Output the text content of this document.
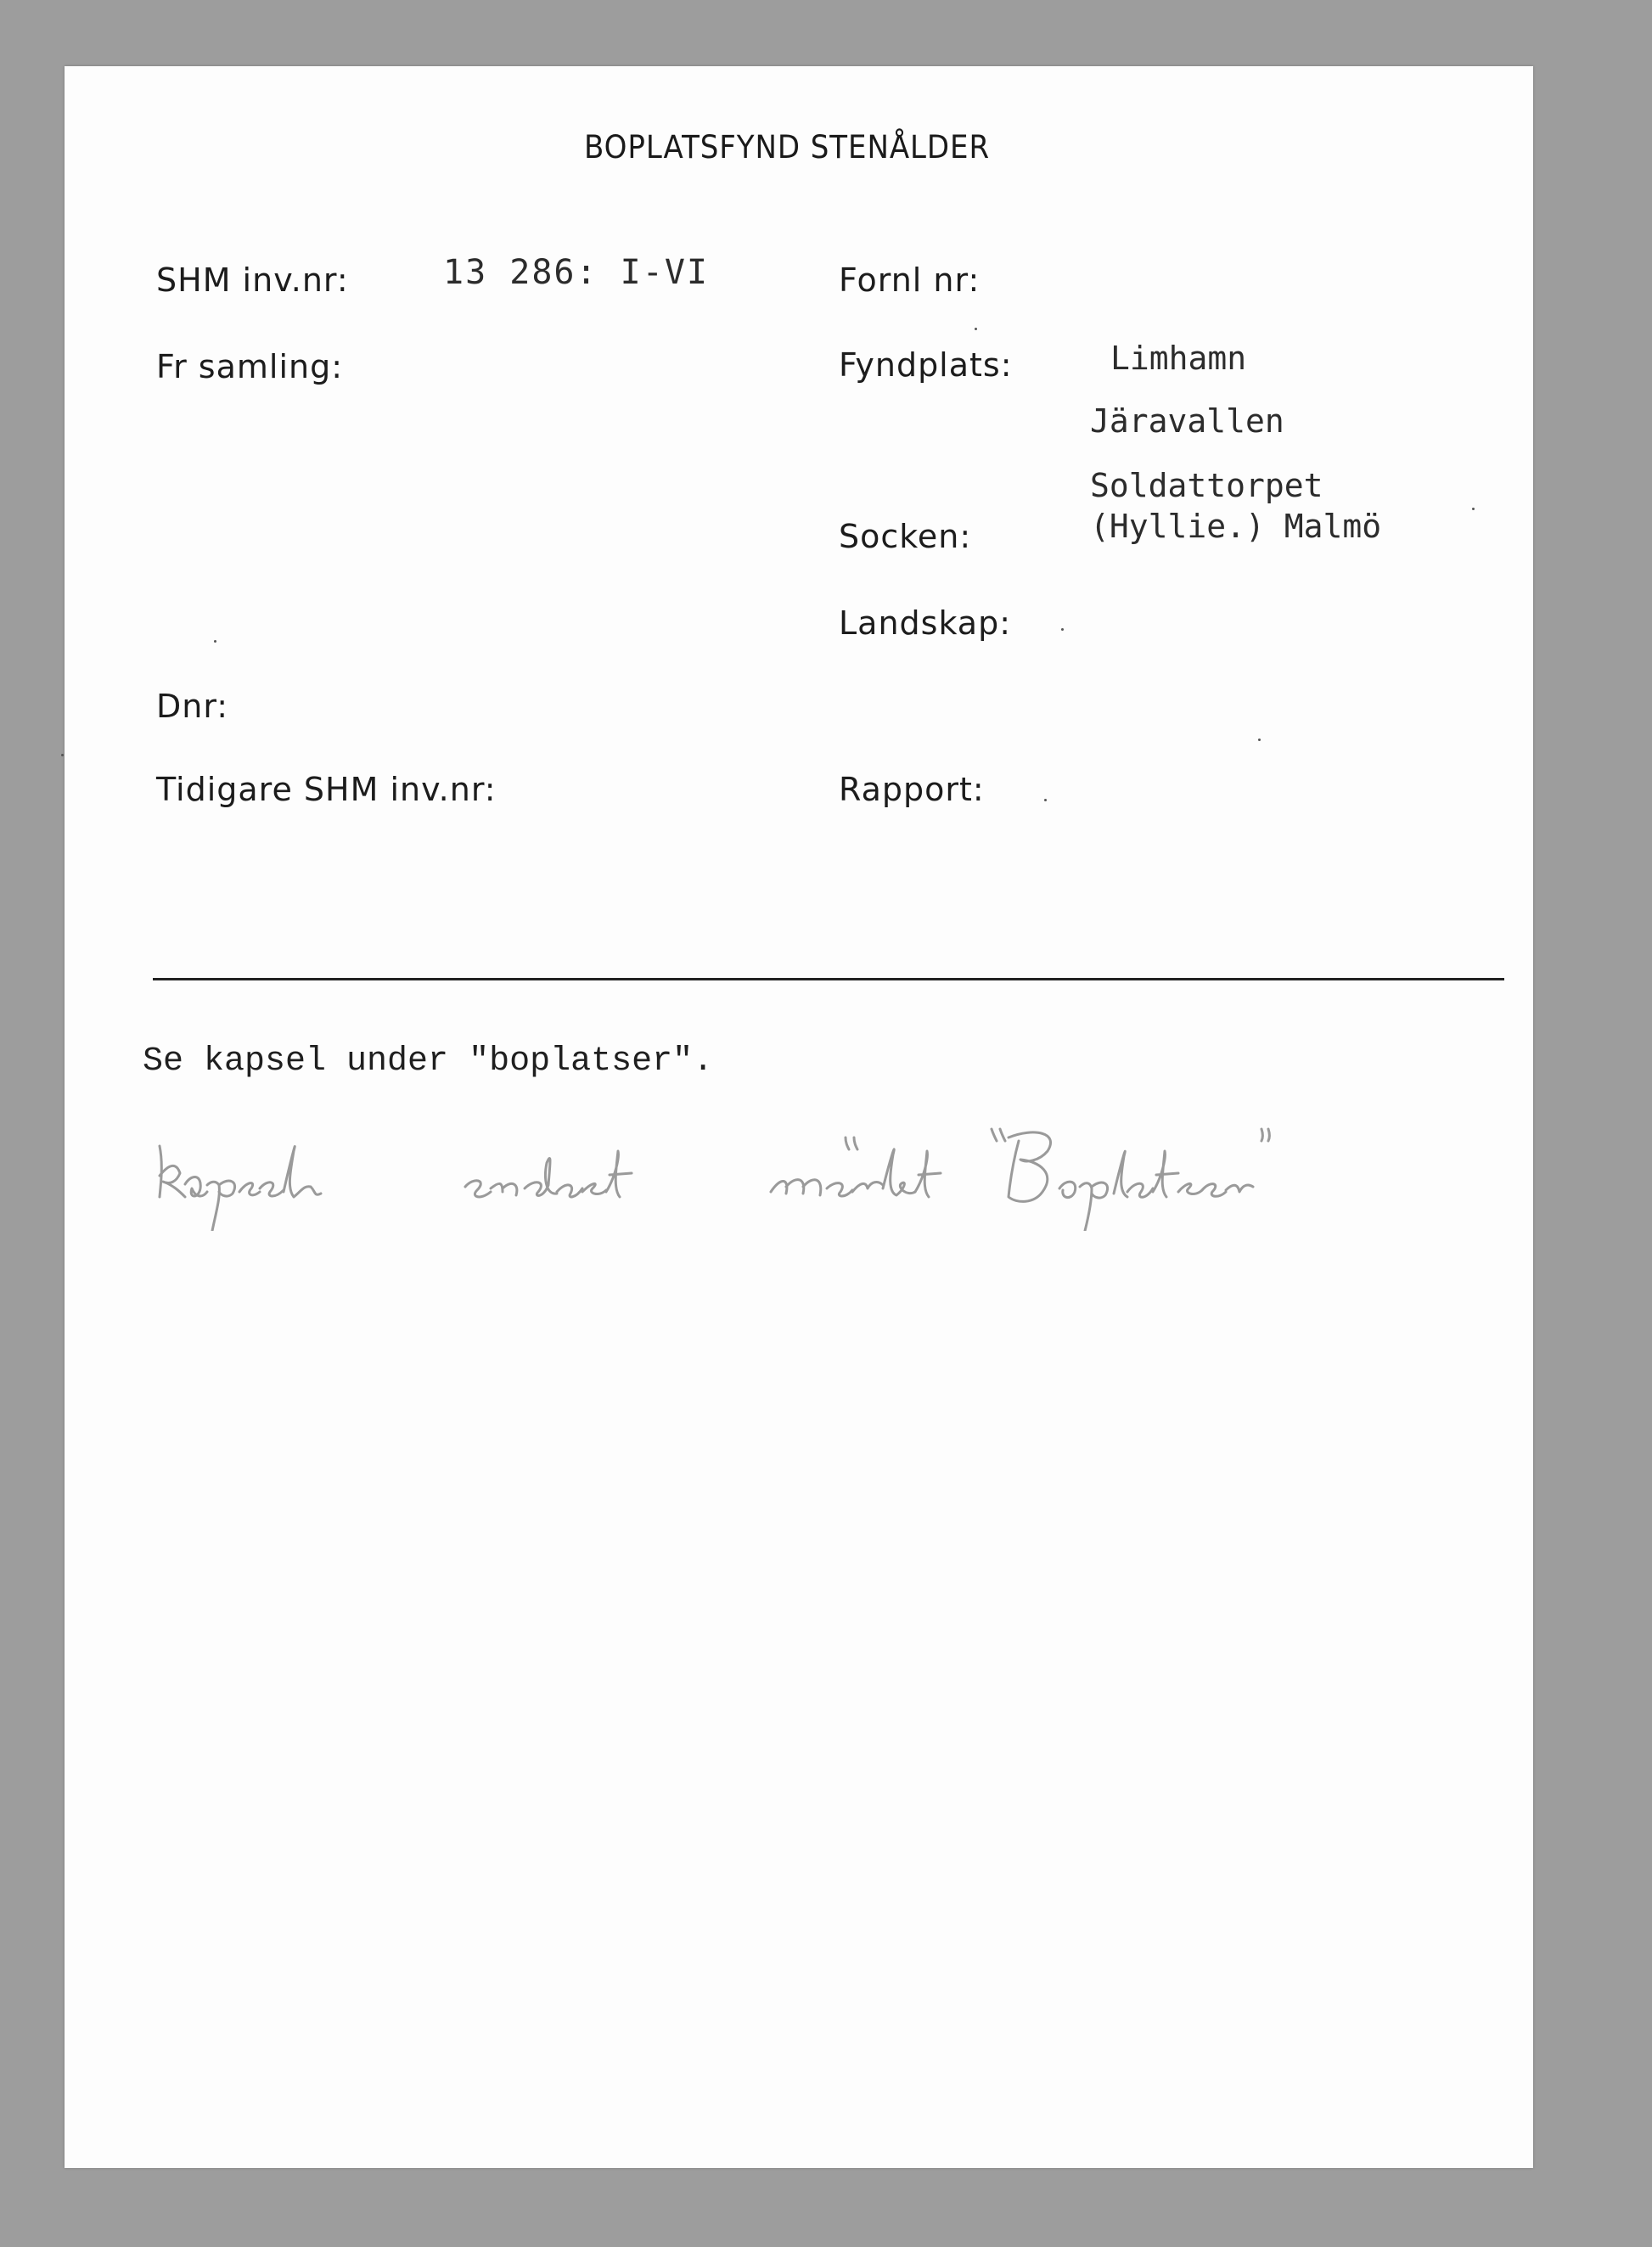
BOPLATSFYND STENÅLDER
SHM inv.nr:	13 286: I-VI
Fr samling:
Dnr:
Tidigare SHM inv.nr:
Fornl nr:
Fyndplats:	Limhamn
Järavallen
Soldattorpet
Socken:	(Hyllie.) Malmö
Landskap:
Rapport:
Se kapsel under "boplatser".
